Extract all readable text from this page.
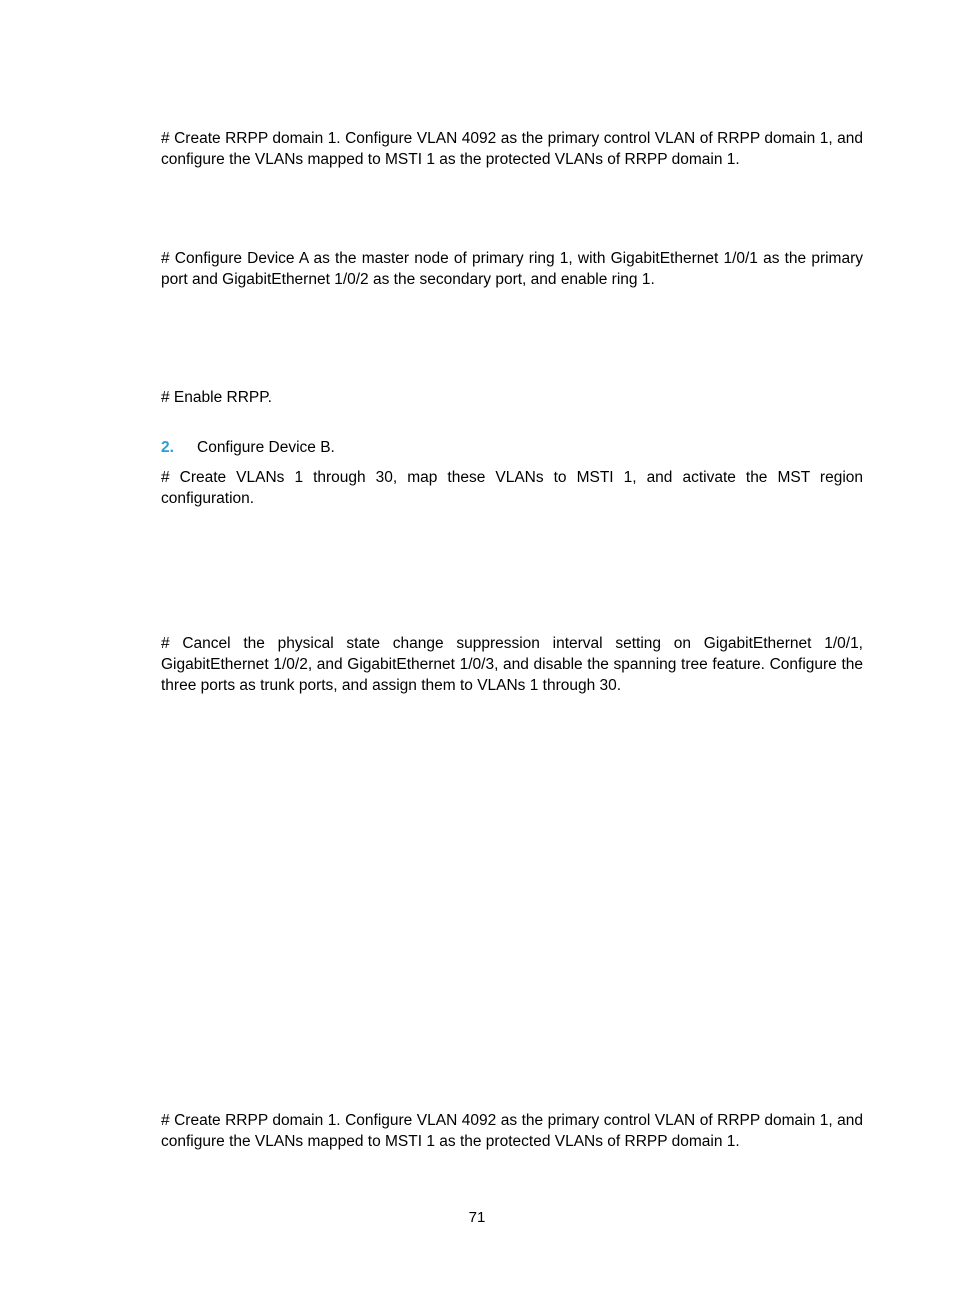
# Create RRPP domain 1. Configure VLAN 4092 as the primary control VLAN of RRPP domain 1, and configure the VLANs mapped to MSTI 1 as the protected VLANs of RRPP domain 1.

# Configure Device A as the master node of primary ring 1, with GigabitEthernet 1/0/1 as the primary port and GigabitEthernet 1/0/2 as the secondary port, and enable ring 1.

# Enable RRPP.

2. Configure Device B.

# Create VLANs 1 through 30, map these VLANs to MSTI 1, and activate the MST region configuration.

# Cancel the physical state change suppression interval setting on GigabitEthernet 1/0/1, GigabitEthernet 1/0/2, and GigabitEthernet 1/0/3, and disable the spanning tree feature. Configure the three ports as trunk ports, and assign them to VLANs 1 through 30.

# Create RRPP domain 1. Configure VLAN 4092 as the primary control VLAN of RRPP domain 1, and configure the VLANs mapped to MSTI 1 as the protected VLANs of RRPP domain 1.

71
